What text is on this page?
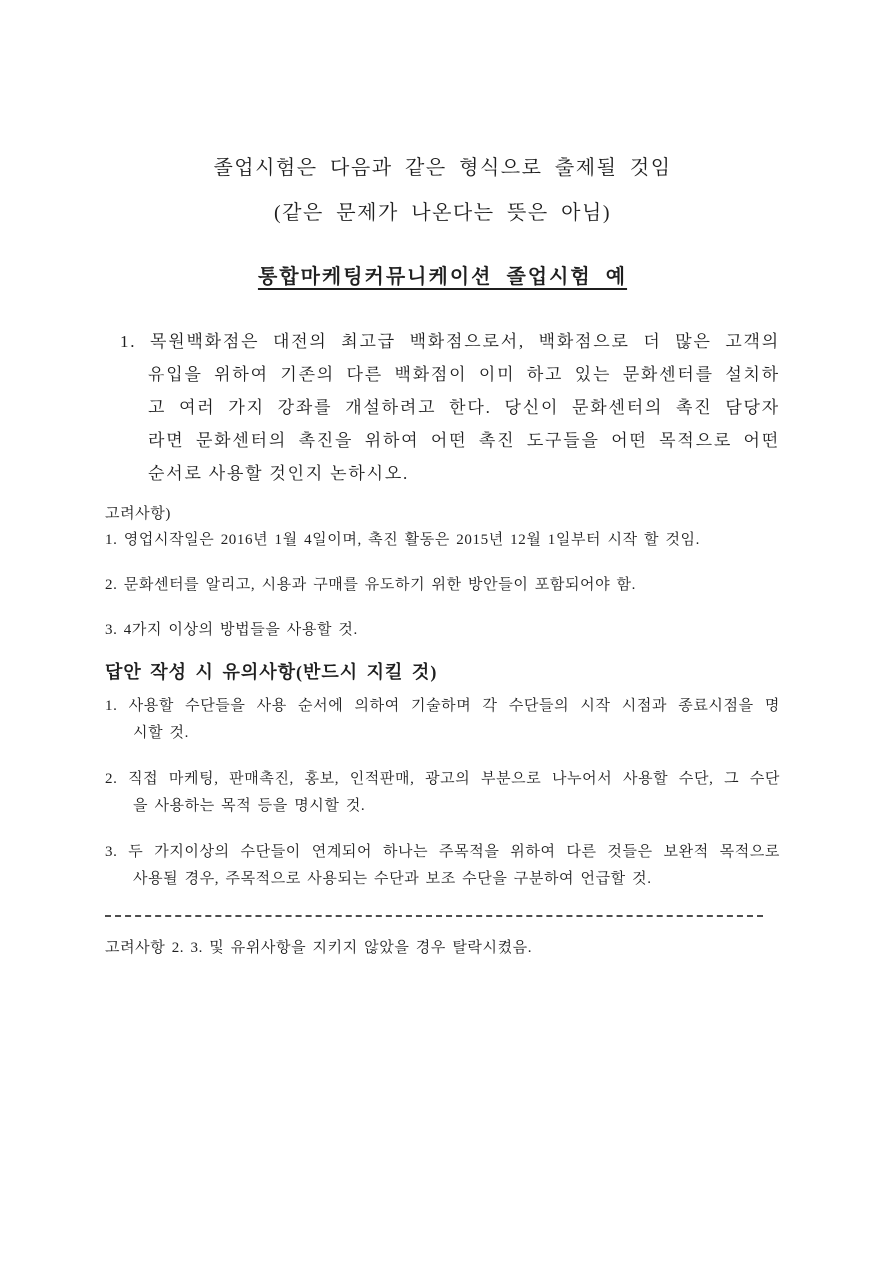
졸업시험은 다음과 같은 형식으로 출제될 것임
(같은 문제가 나온다는 뜻은 아님)
통합마케팅커뮤니케이션 졸업시험 예
1. 목원백화점은 대전의 최고급 백화점으로서, 백화점으로 더 많은 고객의
유입을 위하여 기존의 다른 백화점이 이미 하고 있는 문화센터를 설치하
고 여러 가지 강좌를 개설하려고 한다. 당신이 문화센터의 촉진 담당자
라면 문화센터의 촉진을 위하여 어떤 촉진 도구들을 어떤 목적으로 어떤
순서로 사용할 것인지 논하시오.
고려사항)
1. 영업시작일은 2016년 1월 4일이며, 촉진 활동은 2015년 12월 1일부터 시작 할 것임.
2. 문화센터를 알리고, 시용과 구매를 유도하기 위한 방안들이 포함되어야 함.
3. 4가지 이상의 방법들을 사용할 것.
답안 작성 시 유의사항(반드시 지킬 것)
1. 사용할 수단들을 사용 순서에 의하여 기술하며 각 수단들의 시작 시점과 종료시점을 명
시할 것.
2. 직접 마케팅, 판매촉진, 홍보, 인적판매, 광고의 부분으로 나누어서 사용할 수단, 그 수단
을 사용하는 목적 등을 명시할 것.
3. 두 가지이상의 수단들이 연계되어 하나는 주목적을 위하여 다른 것들은 보완적 목적으로
사용될 경우, 주목적으로 사용되는 수단과 보조 수단을 구분하여 언급할 것.
고려사항 2. 3. 및 유위사항을 지키지 않았을 경우 탈락시켰음.
